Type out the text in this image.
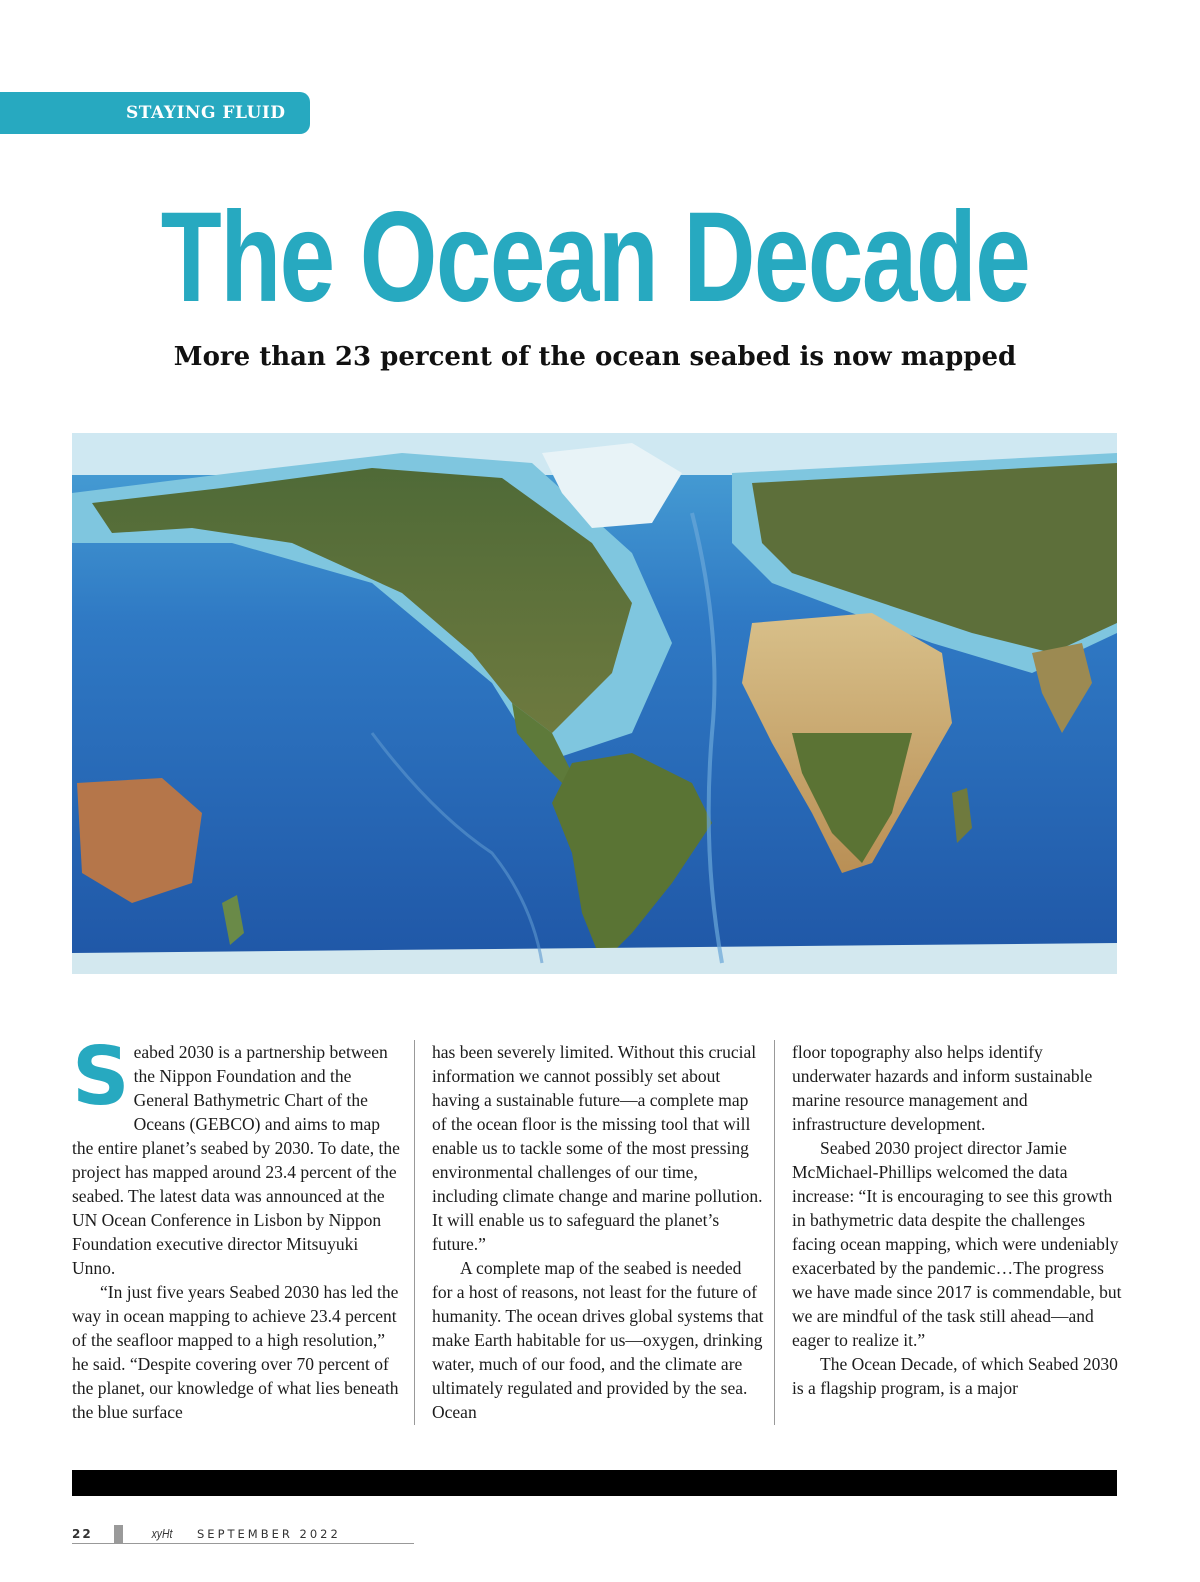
STAYING FLUID
The Ocean Decade
More than 23 percent of the ocean seabed is now mapped
S eabed 2030 is a partnership between the Nippon Foundation and the General Bathymetric Chart of the Oceans (GEBCO) and aims to map the entire planet’s seabed by 2030. To date, the project has mapped around 23.4 percent of the seabed. The latest data was announced at the UN Ocean Conference in Lisbon by Nippon Foundation executive director Mitsuyuki Unno.

“In just five years Seabed 2030 has led the way in ocean mapping to achieve 23.4 percent of the seafloor mapped to a high resolution,” he said. “Despite covering over 70 percent of the planet, our knowledge of what lies beneath the blue surface

has been severely limited. Without this crucial information we cannot possibly set about having a sustainable future—a complete map of the ocean floor is the missing tool that will enable us to tackle some of the most pressing environmental challenges of our time, including climate change and marine pollution. It will enable us to safeguard the planet’s future.”

A complete map of the seabed is needed for a host of reasons, not least for the future of humanity. The ocean drives global systems that make Earth habitable for us—oxygen, drinking water, much of our food, and the climate are ultimately regulated and provided by the sea. Ocean

floor topography also helps identify underwater hazards and inform sustainable marine resource management and infrastructure development.

Seabed 2030 project director Jamie McMichael-Phillips welcomed the data increase: “It is encouraging to see this growth in bathymetric data despite the challenges facing ocean mapping, which were undeniably exacerbated by the pandemic…The progress we have made since 2017 is commendable, but we are mindful of the task still ahead—and eager to realize it.”

The Ocean Decade, of which Seabed 2030 is a flagship program, is a major

22	xyHt SEPTEMBER 2022
